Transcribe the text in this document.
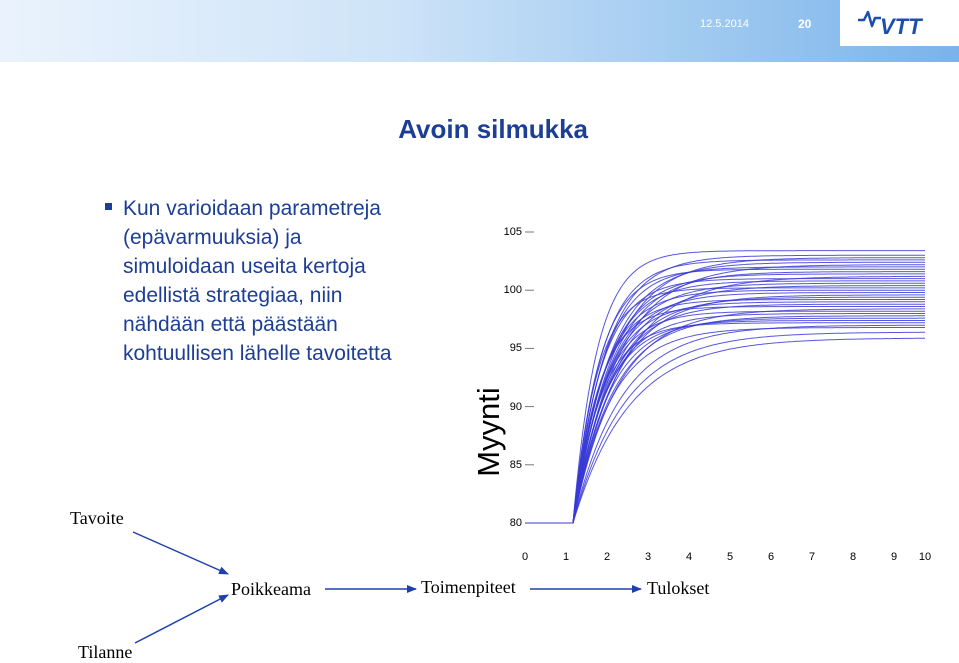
12.5.2014	20	VTT
Avoin silmukka
Kun varioidaan parametreja
(epävarmuuksia) ja
simuloidaan useita kertoja
edellistä strategiaa, niin
nähdään että päästään
kohtuullisen lähelle tavoitetta
Myynti
105
100
95
90
85
80
0	1	2	3	4	5	6	7	8	9	10
Tavoite
Tilanne
Poikkeama	Toimenpiteet	Tulokset
